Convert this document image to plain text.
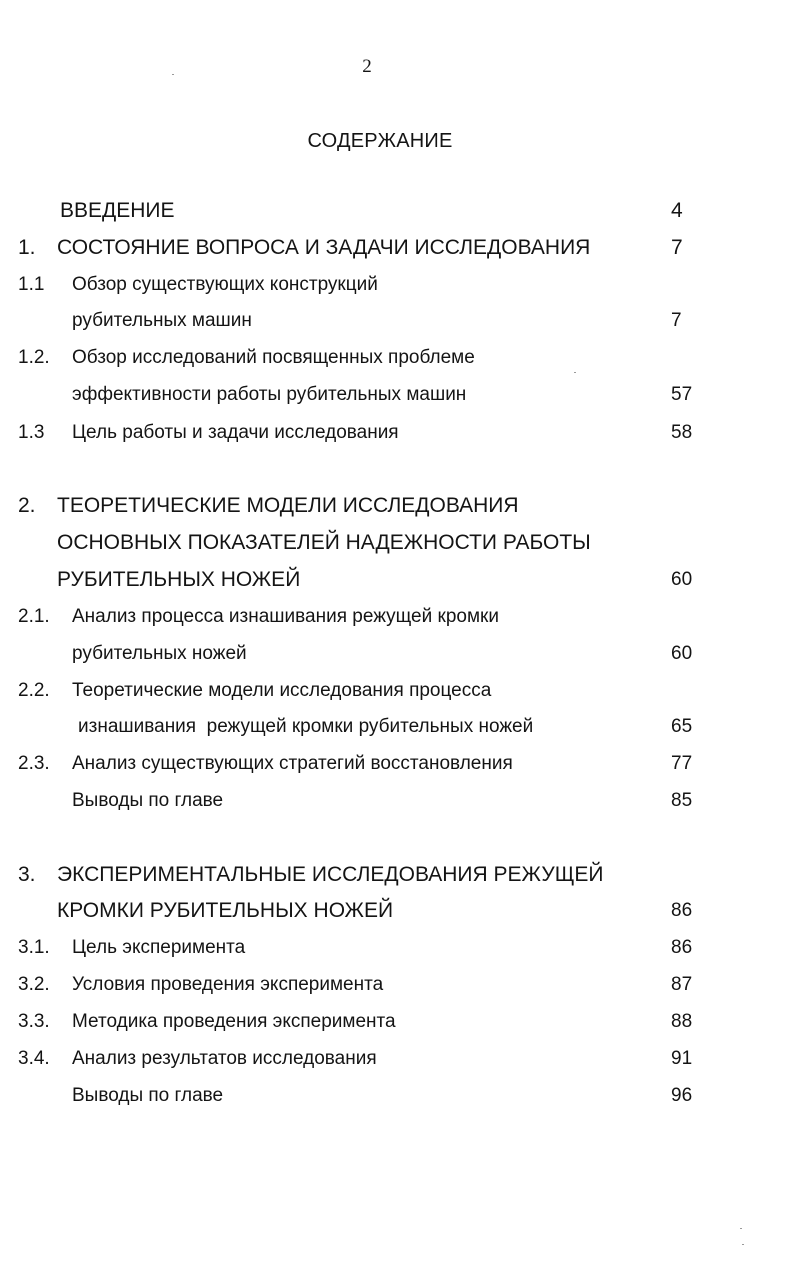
2
СОДЕРЖАНИЕ
ВВЕДЕНИЕ	4
1. СОСТОЯНИЕ ВОПРОСА И ЗАДАЧИ ИССЛЕДОВАНИЯ	7
1.1 Обзор существующих конструкций
рубительных машин	7
1.2. Обзор исследований посвященных проблеме
эффективности работы рубительных машин	57
1.3 Цель работы и задачи исследования	58
2. ТЕОРЕТИЧЕСКИЕ МОДЕЛИ ИССЛЕДОВАНИЯ
ОСНОВНЫХ ПОКАЗАТЕЛЕЙ НАДЕЖНОСТИ РАБОТЫ
РУБИТЕЛЬНЫХ НОЖЕЙ	60
2.1. Анализ процесса изнашивания режущей кромки
рубительных ножей	60
2.2. Теоретические модели исследования процесса
изнашивания  режущей кромки рубительных ножей	65
2.3. Анализ существующих стратегий восстановления	77
Выводы по главе	85
3. ЭКСПЕРИМЕНТАЛЬНЫЕ ИССЛЕДОВАНИЯ РЕЖУЩЕЙ
КРОМКИ РУБИТЕЛЬНЫХ НОЖЕЙ	86
3.1. Цель эксперимента	86
3.2. Условия проведения эксперимента	87
3.3. Методика проведения эксперимента	88
3.4. Анализ результатов исследования	91
Выводы по главе	96
